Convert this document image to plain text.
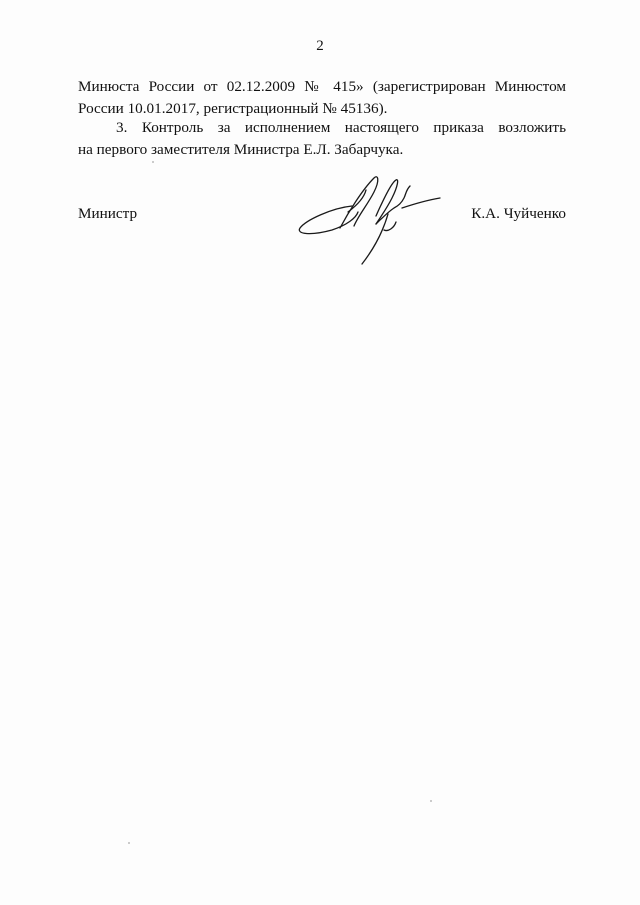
2
Минюста России от 02.12.2009 № 415» (зарегистрирован Минюстом
России 10.01.2017, регистрационный № 45136).
3. Контроль за исполнением настоящего приказа возложить
на первого заместителя Министра Е.Л. Забарчука.
Министр	К.А. Чуйченко
